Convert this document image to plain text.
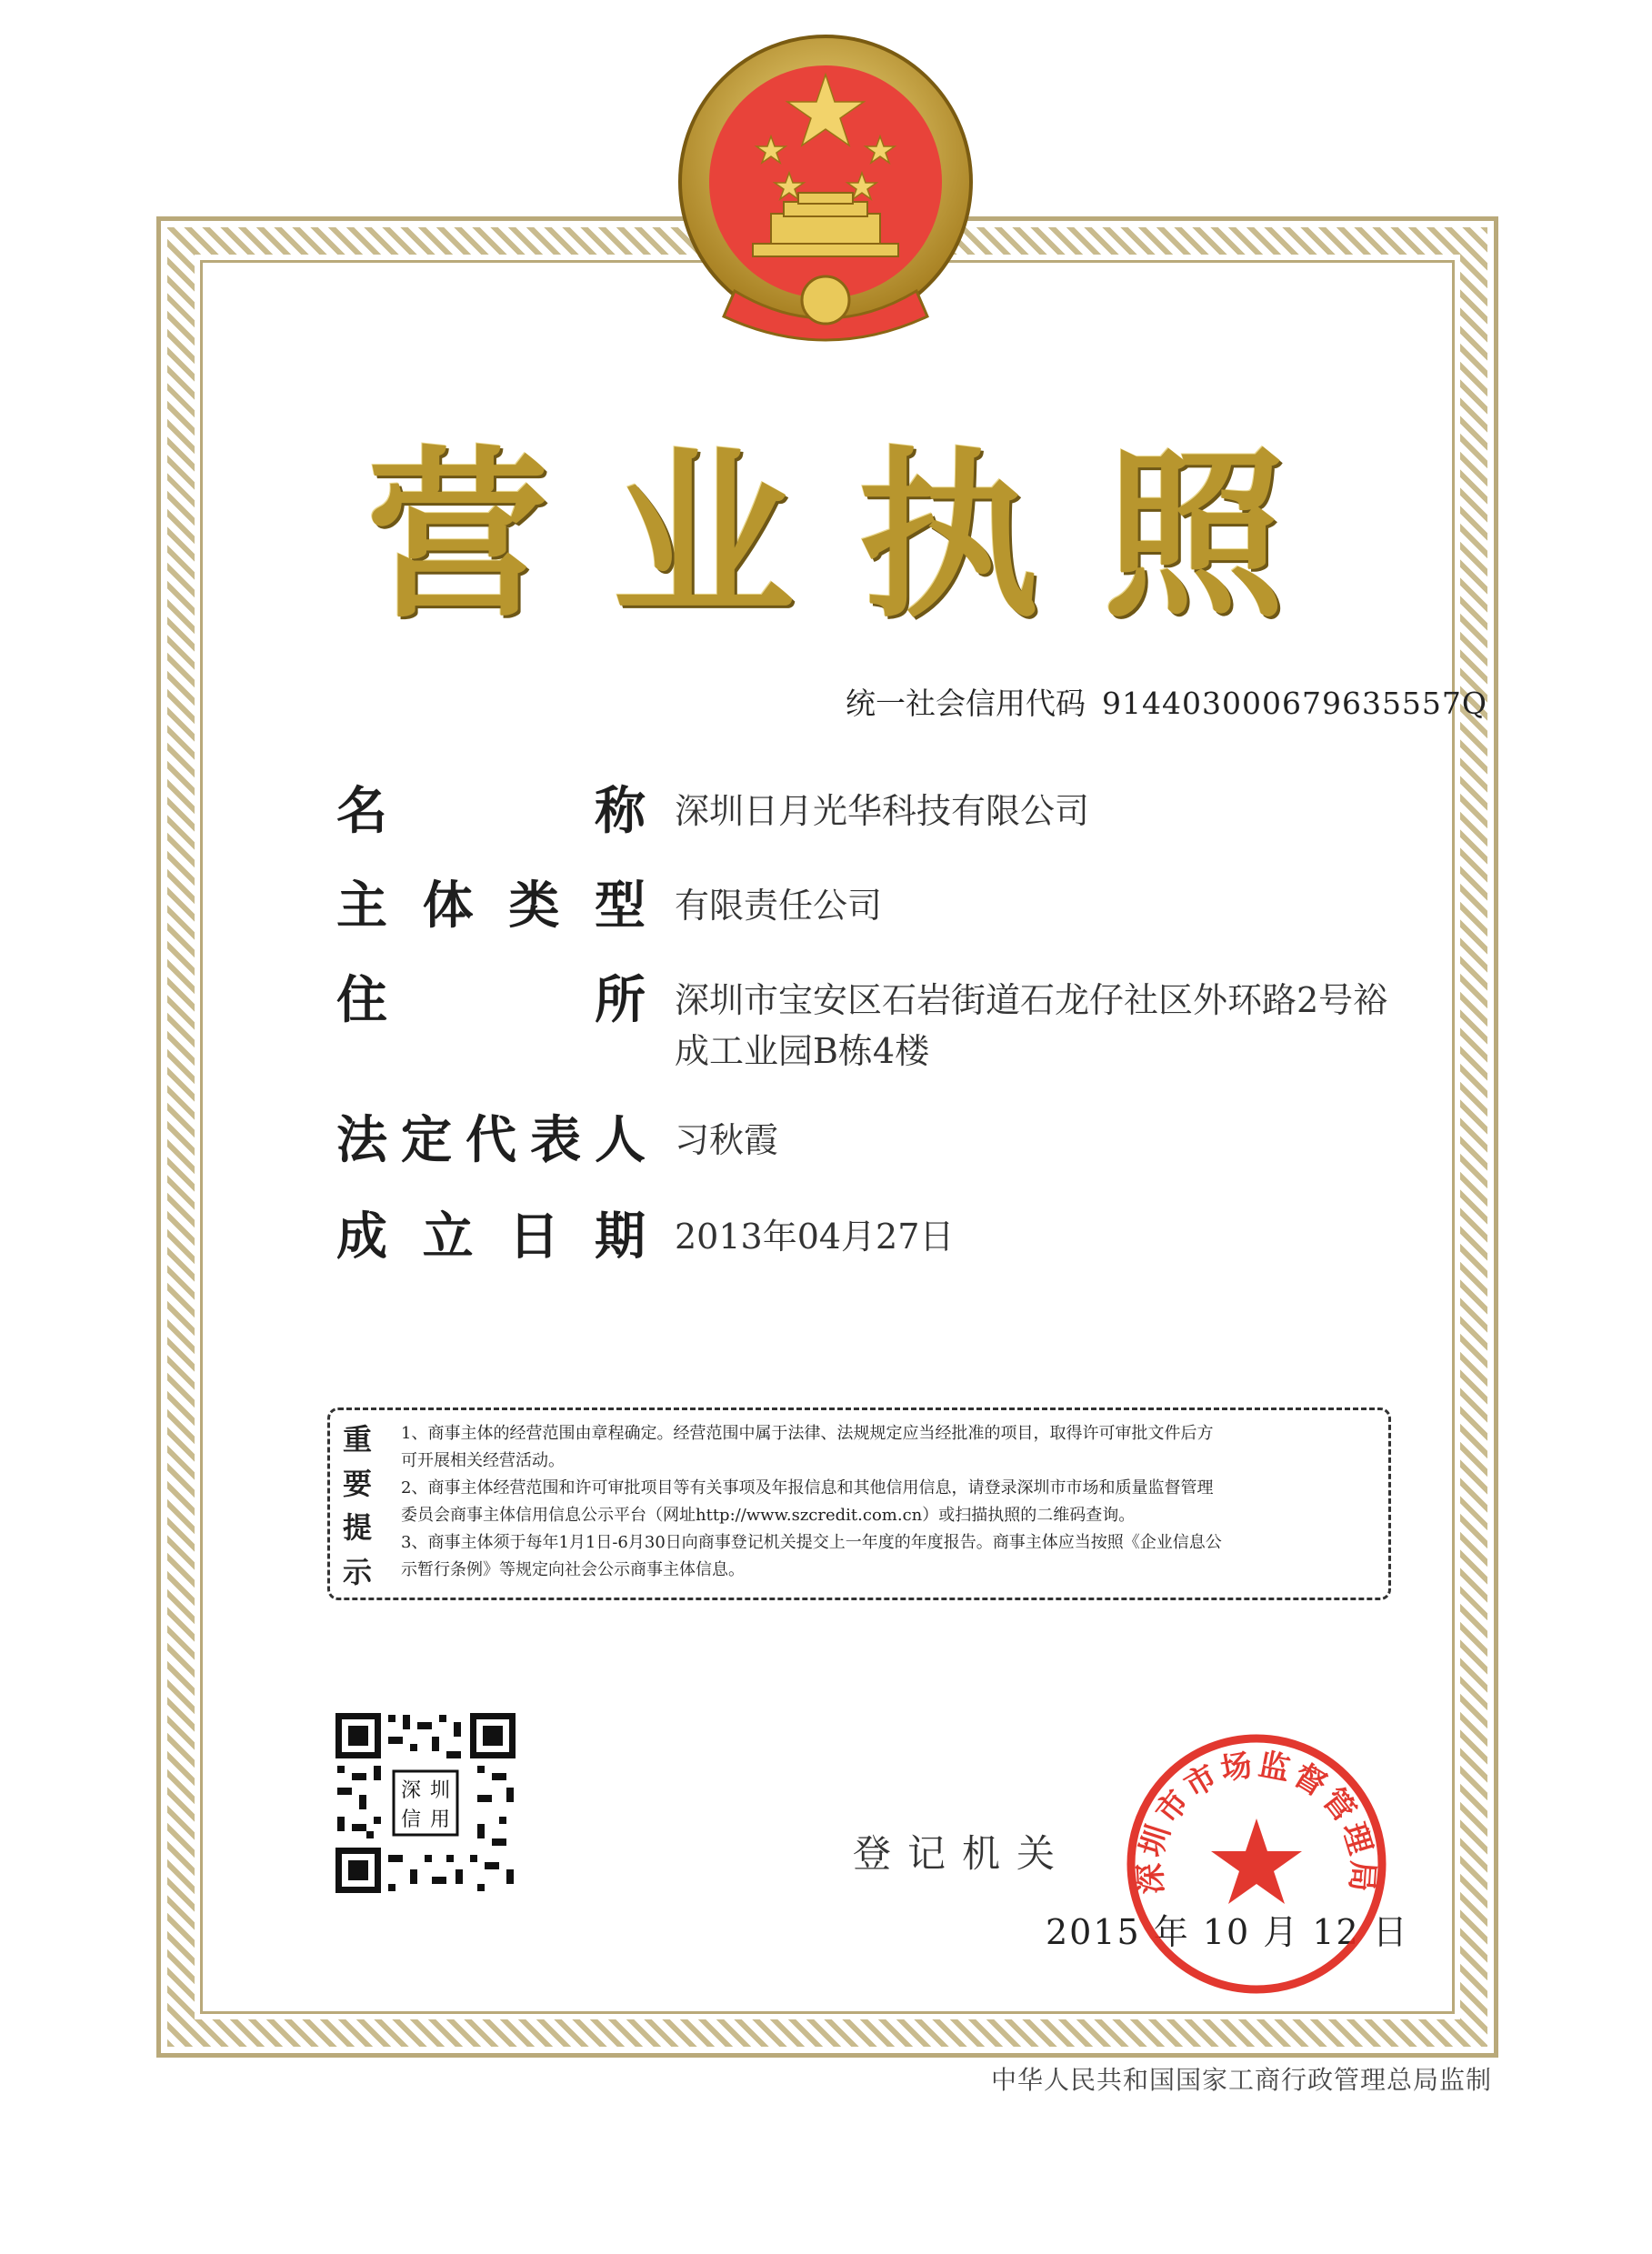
营业执照
统一社会信用代码 914403000679635557Q
名	称 深圳日月光华科技有限公司
主 体 类 型 有限责任公司
住	所 深圳市宝安区石岩街道石龙仔社区外环路2号裕
成工业园B栋4楼
法 定 代 表 人 习秋霞
成 立 日 期 2013年04月27日
重
要
提
示

1、商事主体的经营范围由章程确定。经营范围中属于法律、法规规定应当经批准的项目，取得许可审批文件后方

可开展相关经营活动。

2、商事主体经营范围和许可审批项目等有关事项及年报信息和其他信用信息，请登录深圳市市场和质量监督管理

委员会商事主体信用信息公示平台（网址http://www.szcredit.com.cn）或扫描执照的二维码查询。

3、商事主体须于每年1月1日-6月30日向商事登记机关提交上一年度的年度报告。商事主体应当按照《企业信息公

示暂行条例》等规定向社会公示商事主体信息。

深 圳
信 用
登记机关
2015 年 10 月 12 日
深圳市市场监督管理局
中华人民共和国国家工商行政管理总局监制
